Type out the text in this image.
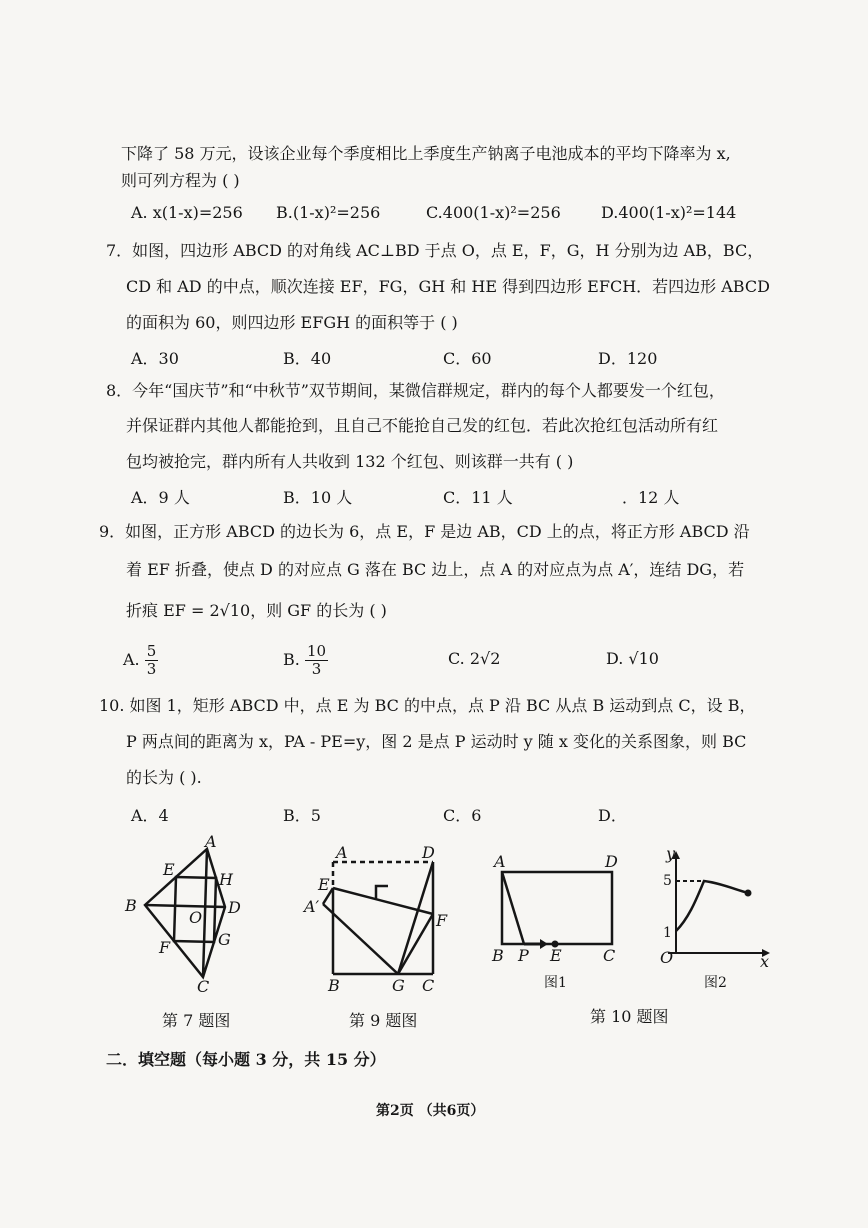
下降了 58 万元，设该企业每个季度相比上季度生产钠离子电池成本的平均下降率为 x,
则可列方程为 ( )
A. x(1-x)=256 B.(1-x)²=256	C.400(1-x)²=256	D.400(1-x)²=144
7．如图，四边形 ABCD 的对角线 AC⊥BD 于点 O，点 E，F，G，H 分别为边 AB，BC，
CD 和 AD 的中点，顺次连接 EF，FG，GH 和 HE 得到四边形 EFCH．若四边形 ABCD
的面积为 60，则四边形 EFGH 的面积等于 ( )
A．30	B．40	C．60	D．120
8．今年“国庆节”和“中秋节”双节期间，某微信群规定，群内的每个人都要发一个红包，
并保证群内其他人都能抢到，且自己不能抢自己发的红包．若此次抢红包活动所有红
包均被抢完，群内所有人共收到 132 个红包、则该群一共有 ( )
A．9 人	B．10 人	C．11 人	．12 人
9．如图，正方形 ABCD 的边长为 6，点 E，F 是边 AB，CD 上的点，将正方形 ABCD 沿
着 EF 折叠，使点 D 的对应点 G 落在 BC 边上，点 A 的对应点为点 A′，连结 DG，若
折痕 EF = 2√10，则 GF 的长为 ( )
A. $\frac{5}{3}$	B. $\frac{10}{3}$	C. 2√2	D. √10
10. 如图 1，矩形 ABCD 中，点 E 为 BC 的中点，点 P 沿 BC 从点 B 运动到点 C，设 B，
P 两点间的距离为 x，PA - PE=y，图 2 是点 P 运动时 y 随 x 变化的关系图象，则 BC
的长为 ( ).
A．4	B．5	C．6	D．
A
E
H
B
O
D
F	G
C
第 7 题图
A	D
E
A′
F
B	G C
第 9 题图
A	D
B P E	C
图1
y
5
1
O	x
图2
第 10 题图
二．填空题（每小题 3 分，共 15 分）
第2页 （共6页）
